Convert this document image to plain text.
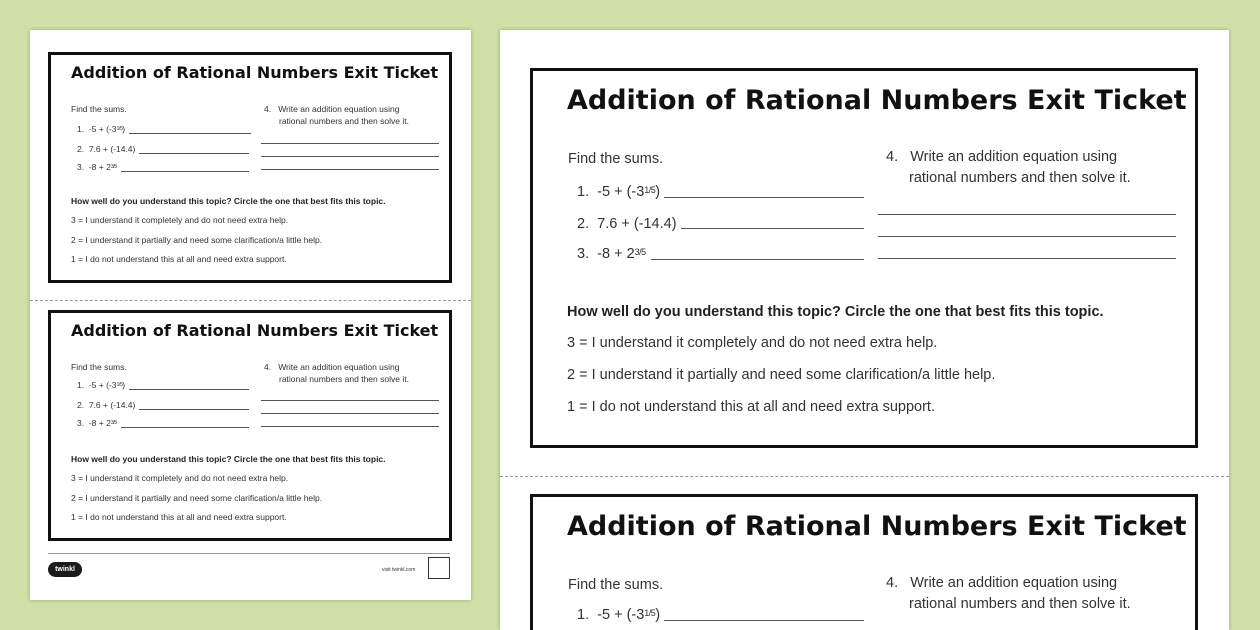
Addition of Rational Numbers Exit Ticket
Find the sums.
1. $-5 + (-3^{1/5})$
2. 7.6 + (-14.4)
3. $-8 + 2^{3/5}$
4. Write an addition equation using
rational numbers and then solve it.
How well do you understand this topic? Circle the one that best fits this topic.
3 = I understand it completely and do not need extra help.
2 = I understand it partially and need some clarification/a little help.
1 = I do not understand this at all and need extra support.
Addition of Rational Numbers Exit Ticket
Find the sums.
1. $-5 + (-3^{1/5})$
2. 7.6 + (-14.4)
3. $-8 + 2^{3/5}$
4. Write an addition equation using
rational numbers and then solve it.
How well do you understand this topic? Circle the one that best fits this topic.
3 = I understand it completely and do not need extra help.
2 = I understand it partially and need some clarification/a little help.
1 = I do not understand this at all and need extra support.
twinkl	visit twinkl.com
Addition of Rational Numbers Exit Ticket
Find the sums.
1. $-5 + (-3^{1/5})$
2. 7.6 + (-14.4)
3. $-8 + 2^{3/5}$
4. Write an addition equation using
rational numbers and then solve it.
How well do you understand this topic? Circle the one that best fits this topic.
3 = I understand it completely and do not need extra help.
2 = I understand it partially and need some clarification/a little help.
1 = I do not understand this at all and need extra support.
Addition of Rational Numbers Exit Ticket
Find the sums.
1. $-5 + (-3^{1/5})$
4. Write an addition equation using
rational numbers and then solve it.
